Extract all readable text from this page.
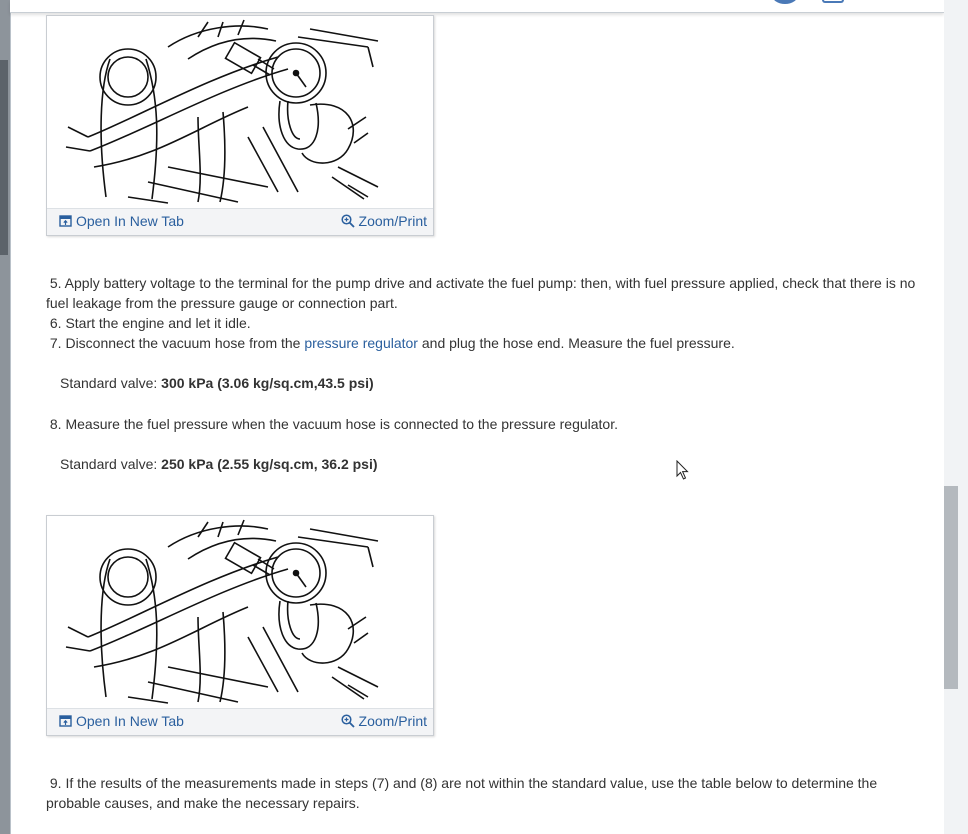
Open In New Tab	Zoom/Print
5. Apply battery voltage to the terminal for the pump drive and activate the fuel pump: then, with fuel pressure applied, check that there is no fuel leakage from the pressure gauge or connection part.
6. Start the engine and let it idle.
7. Disconnect the vacuum hose from the pressure regulator and plug the hose end. Measure the fuel pressure.
Standard valve: 300 kPa (3.06 kg/sq.cm,43.5 psi)
8. Measure the fuel pressure when the vacuum hose is connected to the pressure regulator.
Standard valve: 250 kPa (2.55 kg/sq.cm, 36.2 psi)
Open In New Tab	Zoom/Print
9. If the results of the measurements made in steps (7) and (8) are not within the standard value, use the table below to determine the probable causes, and make the necessary repairs.
